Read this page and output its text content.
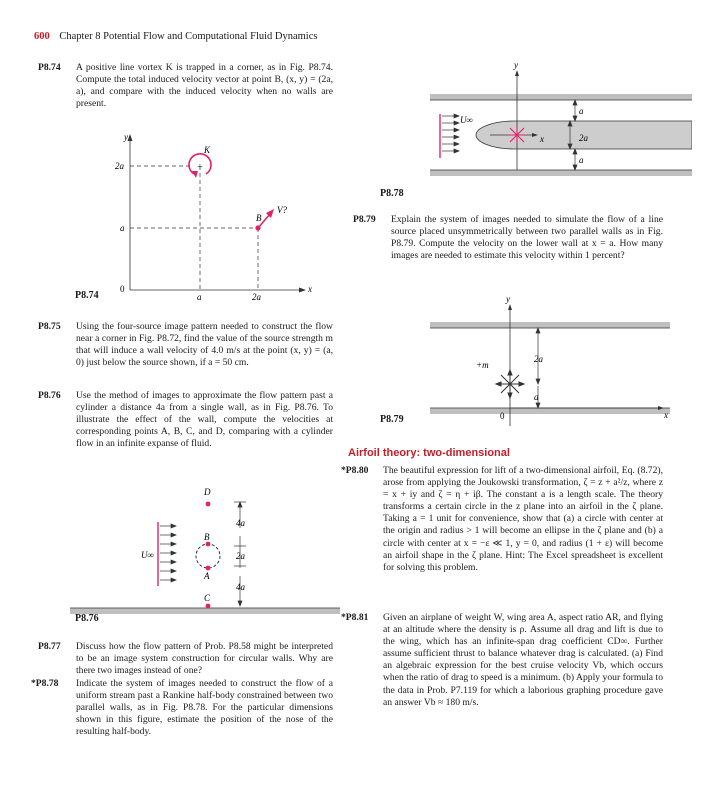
600 Chapter 8 Potential Flow and Computational Fluid Dynamics
P8.74	A positive line vortex K is trapped in a corner, as in Fig. P8.74. Compute the total induced velocity vector at point B, (x, y) = (2a, a), and compare with the induced velocity when no walls are present.
+
y
x
K
B
V?
2a
a
0
a	2a
P8.74
P8.75	Using the four-source image pattern needed to construct the flow near a corner in Fig. P8.72, find the value of the source strength m that will induce a wall velocity of 4.0 m/s at the point (x, y) = (a, 0) just below the source shown, if a = 50 cm.
P8.76	Use the method of images to approximate the flow pattern past a cylinder a distance 4a from a single wall, as in Fig. P8.76. To illustrate the effect of the wall, compute the velocities at corresponding points A, B, C, and D, comparing with a cylinder flow in an infinite expanse of fluid.
U∞
D
B
A
C
4a
2a
4a
P8.76
P8.77	Discuss how the flow pattern of Prob. P8.58 might be interpreted to be an image system construction for circular walls. Why are there two images instead of one?
*P8.78	Indicate the system of images needed to construct the flow of a uniform stream past a Rankine half-body constrained between two parallel walls, as in Fig. P8.78. For the particular dimensions shown in this figure, estimate the position of the nose of the resulting half-body.
y
x
U∞
a
2a
a
P8.78
P8.79	Explain the system of images needed to simulate the flow of a line source placed unsymmetrically between two parallel walls as in Fig. P8.79. Compute the velocity on the lower wall at x = a. How many images are needed to estimate this velocity within 1 percent?
y
x
+m
2a
a
0
P8.79
Airfoil theory: two-dimensional
*P8.80	The beautiful expression for lift of a two-dimensional airfoil, Eq. (8.72), arose from applying the Joukowski transformation, ζ = z + a²/z, where z = x + iy and ζ = η + iβ. The constant a is a length scale. The theory transforms a certain circle in the z plane into an airfoil in the ζ plane. Taking a = 1 unit for convenience, show that (a) a circle with center at the origin and radius > 1 will become an ellipse in the ζ plane and (b) a circle with center at x = −ε ≪ 1, y = 0, and radius (1 + ε) will become an airfoil shape in the ζ plane. Hint: The Excel spreadsheet is excellent for solving this problem.
*P8.81	Given an airplane of weight W, wing area A, aspect ratio AR, and flying at an altitude where the density is ρ. Assume all drag and lift is due to the wing, which has an infinite-span drag coefficient CD∞. Further assume sufficient thrust to balance whatever drag is calculated. (a) Find an algebraic expression for the best cruise velocity Vb, which occurs when the ratio of drag to speed is a minimum. (b) Apply your formula to the data in Prob. P7.119 for which a laborious graphing procedure gave an answer Vb ≈ 180 m/s.
